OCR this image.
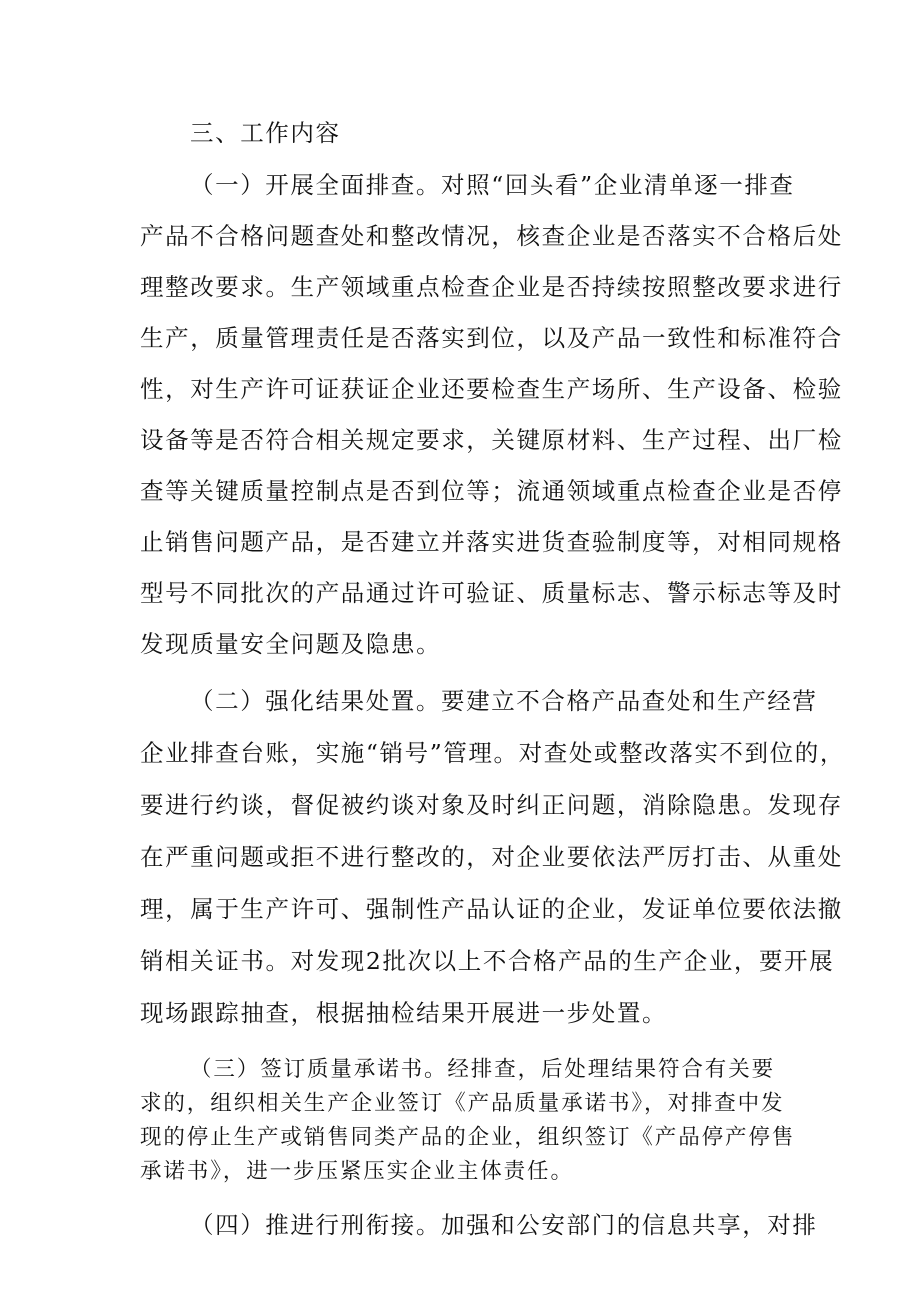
三、工作内容
（一）开展全面排查。对照“回头看”企业清单逐一排查
产品不合格问题查处和整改情况，核查企业是否落实不合格后处
理整改要求。生产领域重点检查企业是否持续按照整改要求进行
生产，质量管理责任是否落实到位，以及产品一致性和标准符合
性，对生产许可证获证企业还要检查生产场所、生产设备、检验
设备等是否符合相关规定要求，关键原材料、生产过程、出厂检
查等关键质量控制点是否到位等；流通领域重点检查企业是否停
止销售问题产品，是否建立并落实进货查验制度等，对相同规格
型号不同批次的产品通过许可验证、质量标志、警示标志等及时
发现质量安全问题及隐患。
（二）强化结果处置。要建立不合格产品查处和生产经营
企业排查台账，实施“销号”管理。对查处或整改落实不到位的，
要进行约谈，督促被约谈对象及时纠正问题，消除隐患。发现存
在严重问题或拒不进行整改的，对企业要依法严厉打击、从重处
理，属于生产许可、强制性产品认证的企业，发证单位要依法撤
销相关证书。对发现2批次以上不合格产品的生产企业，要开展
现场跟踪抽查，根据抽检结果开展进一步处置。
（三）签订质量承诺书。经排查，后处理结果符合有关要
求的，组织相关生产企业签订《产品质量承诺书》，对排查中发
现的停止生产或销售同类产品的企业，组织签订《产品停产停售
承诺书》，进一步压紧压实企业主体责任。
（四）推进行刑衔接。加强和公安部门的信息共享，对排
